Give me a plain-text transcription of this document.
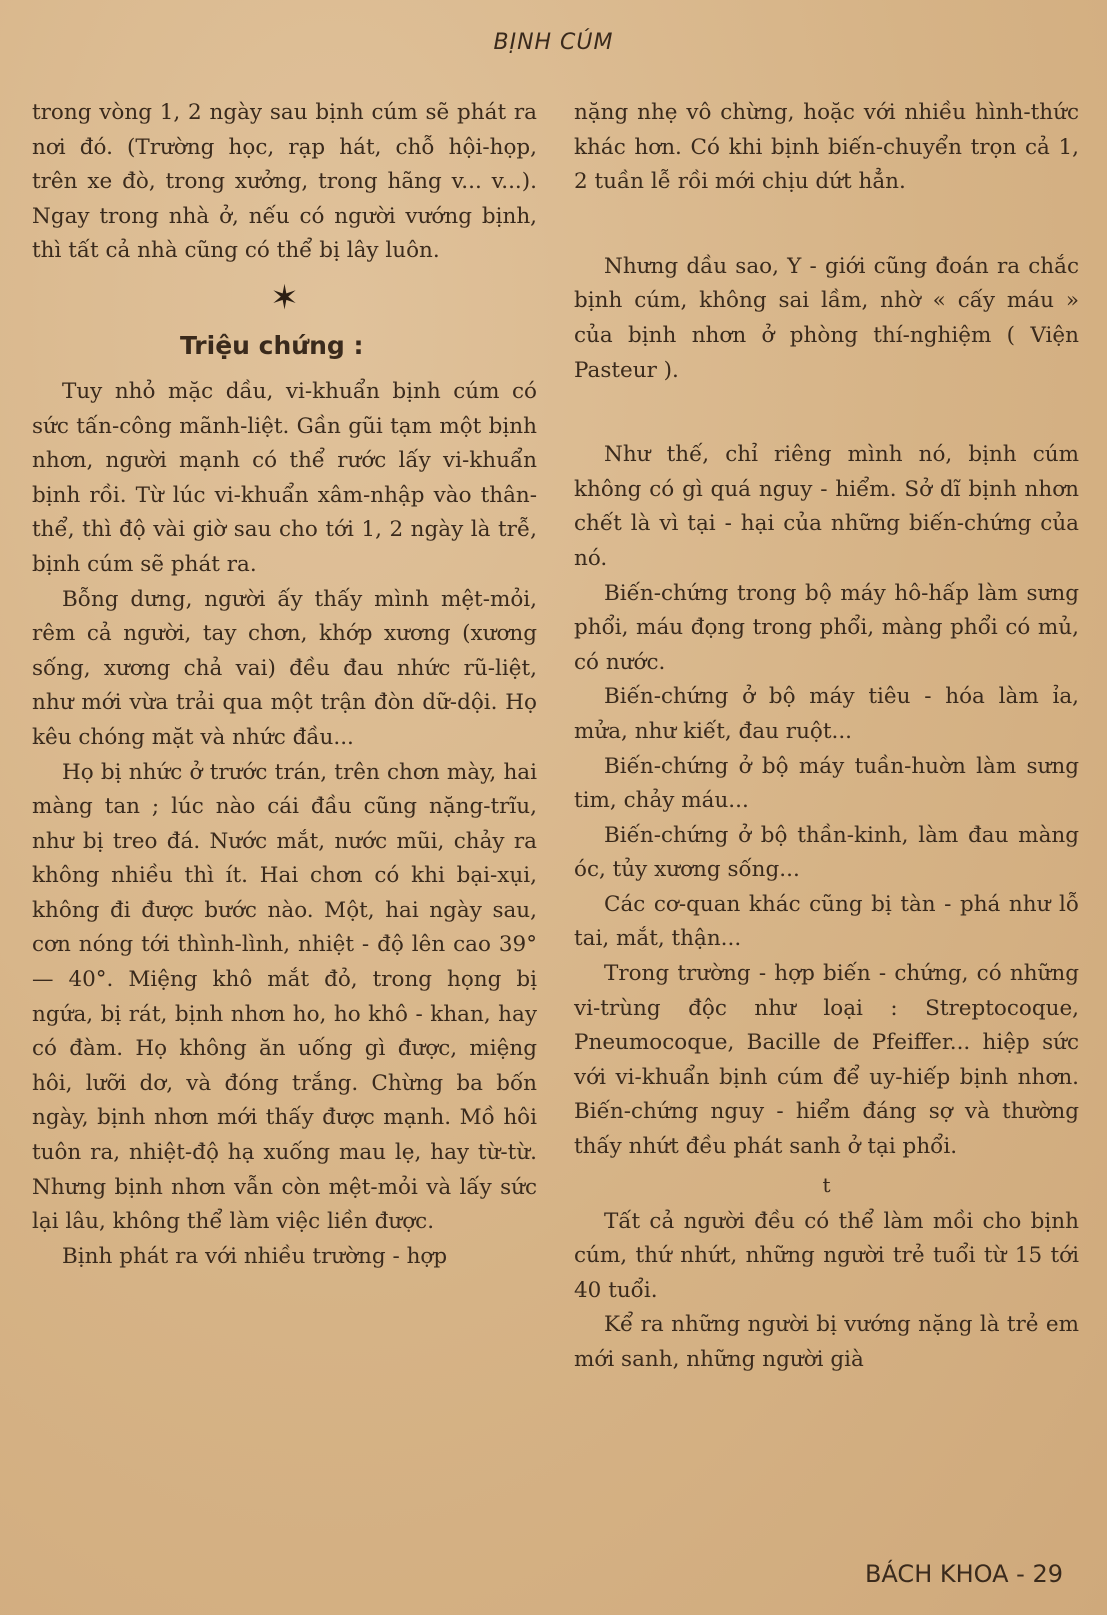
BỊNH CÚM

trong vòng 1, 2 ngày sau bịnh cúm sẽ phát ra nơi đó. (Trường học, rạp hát, chỗ hội-họp, trên xe đò, trong xưởng, trong hãng v... v...). Ngay trong nhà ở, nếu có người vướng bịnh, thì tất cả nhà cũng có thể bị lây luôn.

✶
Triệu chứng :

Tuy nhỏ mặc dầu, vi-khuẩn bịnh cúm có sức tấn-công mãnh-liệt. Gần gũi tạm một bịnh nhơn, người mạnh có thể rước lấy vi-khuẩn bịnh rồi. Từ lúc vi-khuẩn xâm-nhập vào thân-thể, thì độ vài giờ sau cho tới 1, 2 ngày là trễ, bịnh cúm sẽ phát ra.

Bỗng dưng, người ấy thấy mình mệt-mỏi, rêm cả người, tay chơn, khớp xương (xương sống, xương chả vai) đều đau nhức rũ-liệt, như mới vừa trải qua một trận đòn dữ-dội. Họ kêu chóng mặt và nhức đầu...

Họ bị nhức ở trước trán, trên chơn mày, hai màng tan ; lúc nào cái đầu cũng nặng-trĩu, như bị treo đá. Nước mắt, nước mũi, chảy ra không nhiều thì ít. Hai chơn có khi bại-xụi, không đi được bước nào. Một, hai ngày sau, cơn nóng tới thình-lình, nhiệt - độ lên cao 39° — 40°. Miệng khô mắt đỏ, trong họng bị ngứa, bị rát, bịnh nhơn ho, ho khô - khan, hay có đàm. Họ không ăn uống gì được, miệng hôi, lưỡi dơ, và đóng trắng. Chừng ba bốn ngày, bịnh nhơn mới thấy được mạnh. Mồ hôi tuôn ra, nhiệt-độ hạ xuống mau lẹ, hay từ-từ. Nhưng bịnh nhơn vẫn còn mệt-mỏi và lấy sức lại lâu, không thể làm việc liền được.

Bịnh phát ra với nhiều trường - hợp

nặng nhẹ vô chừng, hoặc với nhiều hình-thức khác hơn. Có khi bịnh biến-chuyển trọn cả 1, 2 tuần lễ rồi mới chịu dứt hẳn.

Nhưng dầu sao, Y - giới cũng đoán ra chắc bịnh cúm, không sai lầm, nhờ « cấy máu » của bịnh nhơn ở phòng thí-nghiệm ( Viện Pasteur ).

Như thế, chỉ riêng mình nó, bịnh cúm không có gì quá nguy - hiểm. Sở dĩ bịnh nhơn chết là vì tại - hại của những biến-chứng của nó.

Biến-chứng trong bộ máy hô-hấp làm sưng phổi, máu đọng trong phổi, màng phổi có mủ, có nước.

Biến-chứng ở bộ máy tiêu - hóa làm ỉa, mửa, như kiết, đau ruột...

Biến-chứng ở bộ máy tuần-huờn làm sưng tim, chảy máu...

Biến-chứng ở bộ thần-kinh, làm đau màng óc, tủy xương sống...

Các cơ-quan khác cũng bị tàn - phá như lỗ tai, mắt, thận...

Trong trường - hợp biến - chứng, có những vi-trùng độc như loại : Streptocoque, Pneumocoque, Bacille de Pfeiffer... hiệp sức với vi-khuẩn bịnh cúm để uy-hiếp bịnh nhơn. Biến-chứng nguy - hiểm đáng sợ và thường thấy nhứt đều phát sanh ở tại phổi.

t

Tất cả người đều có thể làm mồi cho bịnh cúm, thứ nhứt, những người trẻ tuổi từ 15 tới 40 tuổi.

Kể ra những người bị vướng nặng là trẻ em mới sanh, những người già

BÁCH KHOA - 29
